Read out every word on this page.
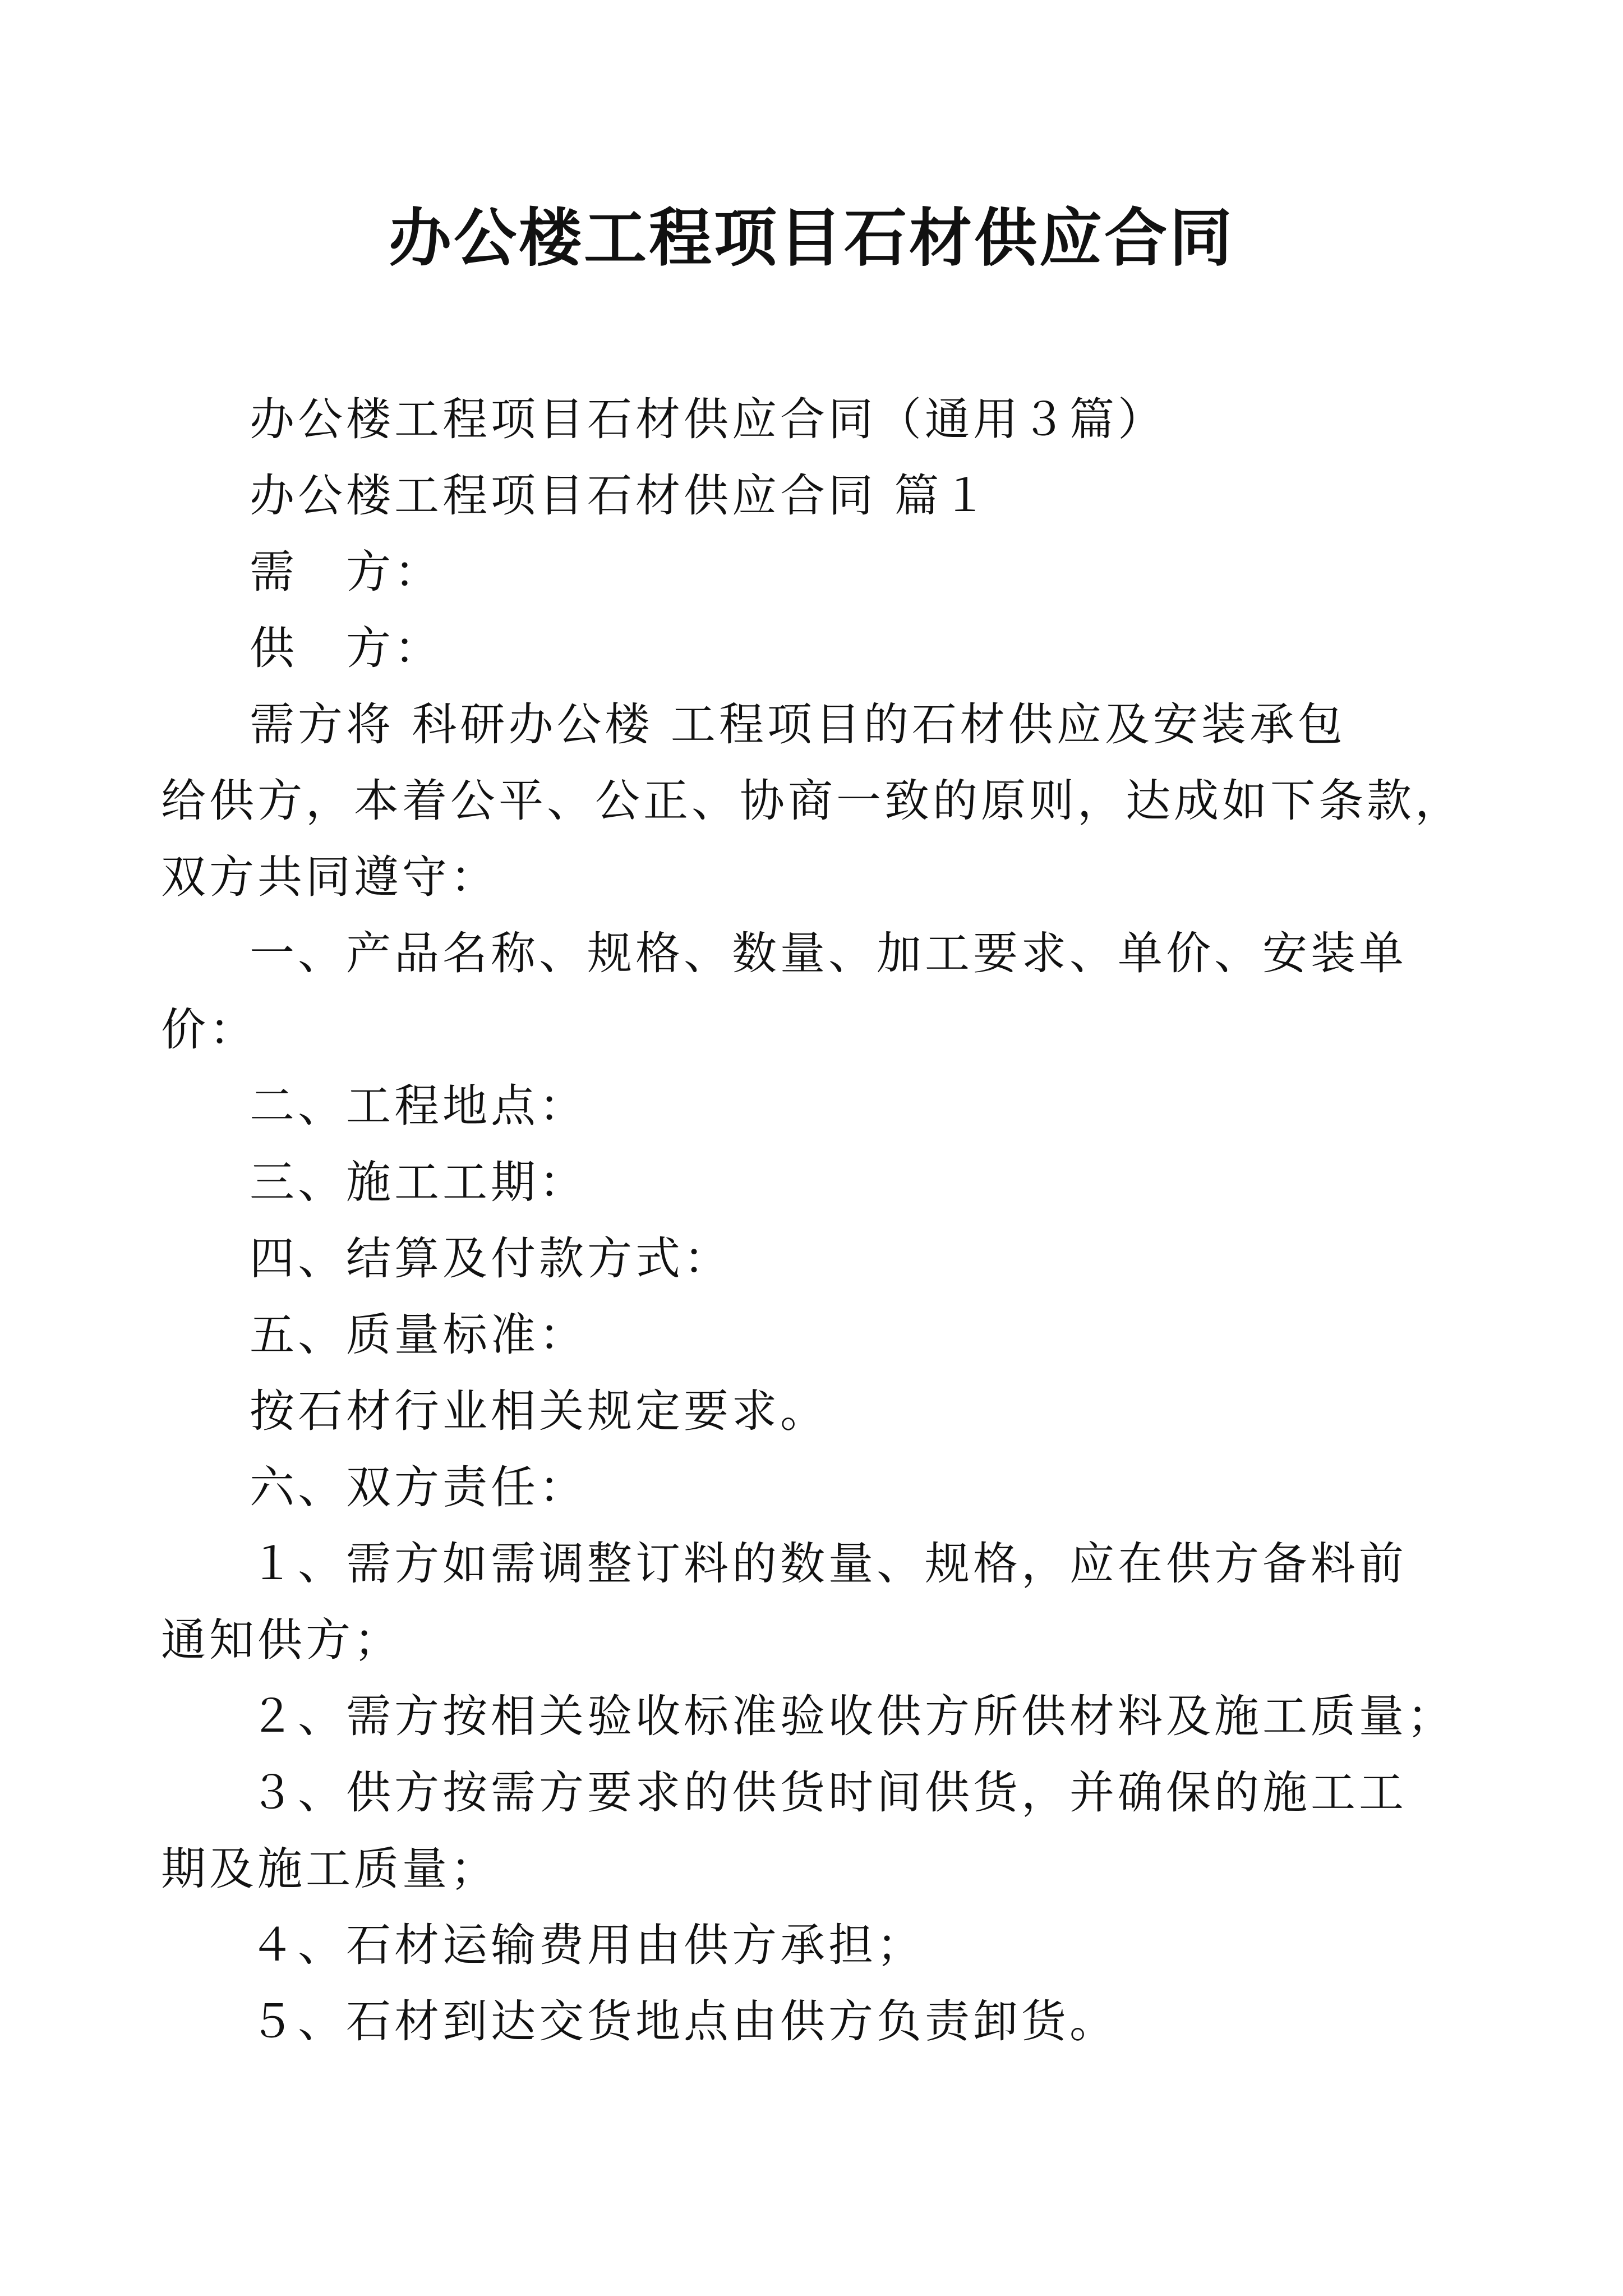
办公楼工程项目石材供应合同

办公楼工程项目石材供应合同（通用３篇）

办公楼工程项目石材供应合同 篇１

需　方：

供　方：

需方将 科研办公楼 工程项目的石材供应及安装承包

给供方，本着公平、公正、协商一致的原则，达成如下条款，

双方共同遵守：

一、产品名称、规格、数量、加工要求、单价、安装单

价：

二、工程地点：

三、施工工期：

四、结算及付款方式：

五、质量标准：

按石材行业相关规定要求。

六、双方责任：

１、需方如需调整订料的数量、规格，应在供方备料前

通知供方；

２、需方按相关验收标准验收供方所供材料及施工质量；

３、供方按需方要求的供货时间供货，并确保的施工工

期及施工质量；

４、石材运输费用由供方承担；

５、石材到达交货地点由供方负责卸货。
